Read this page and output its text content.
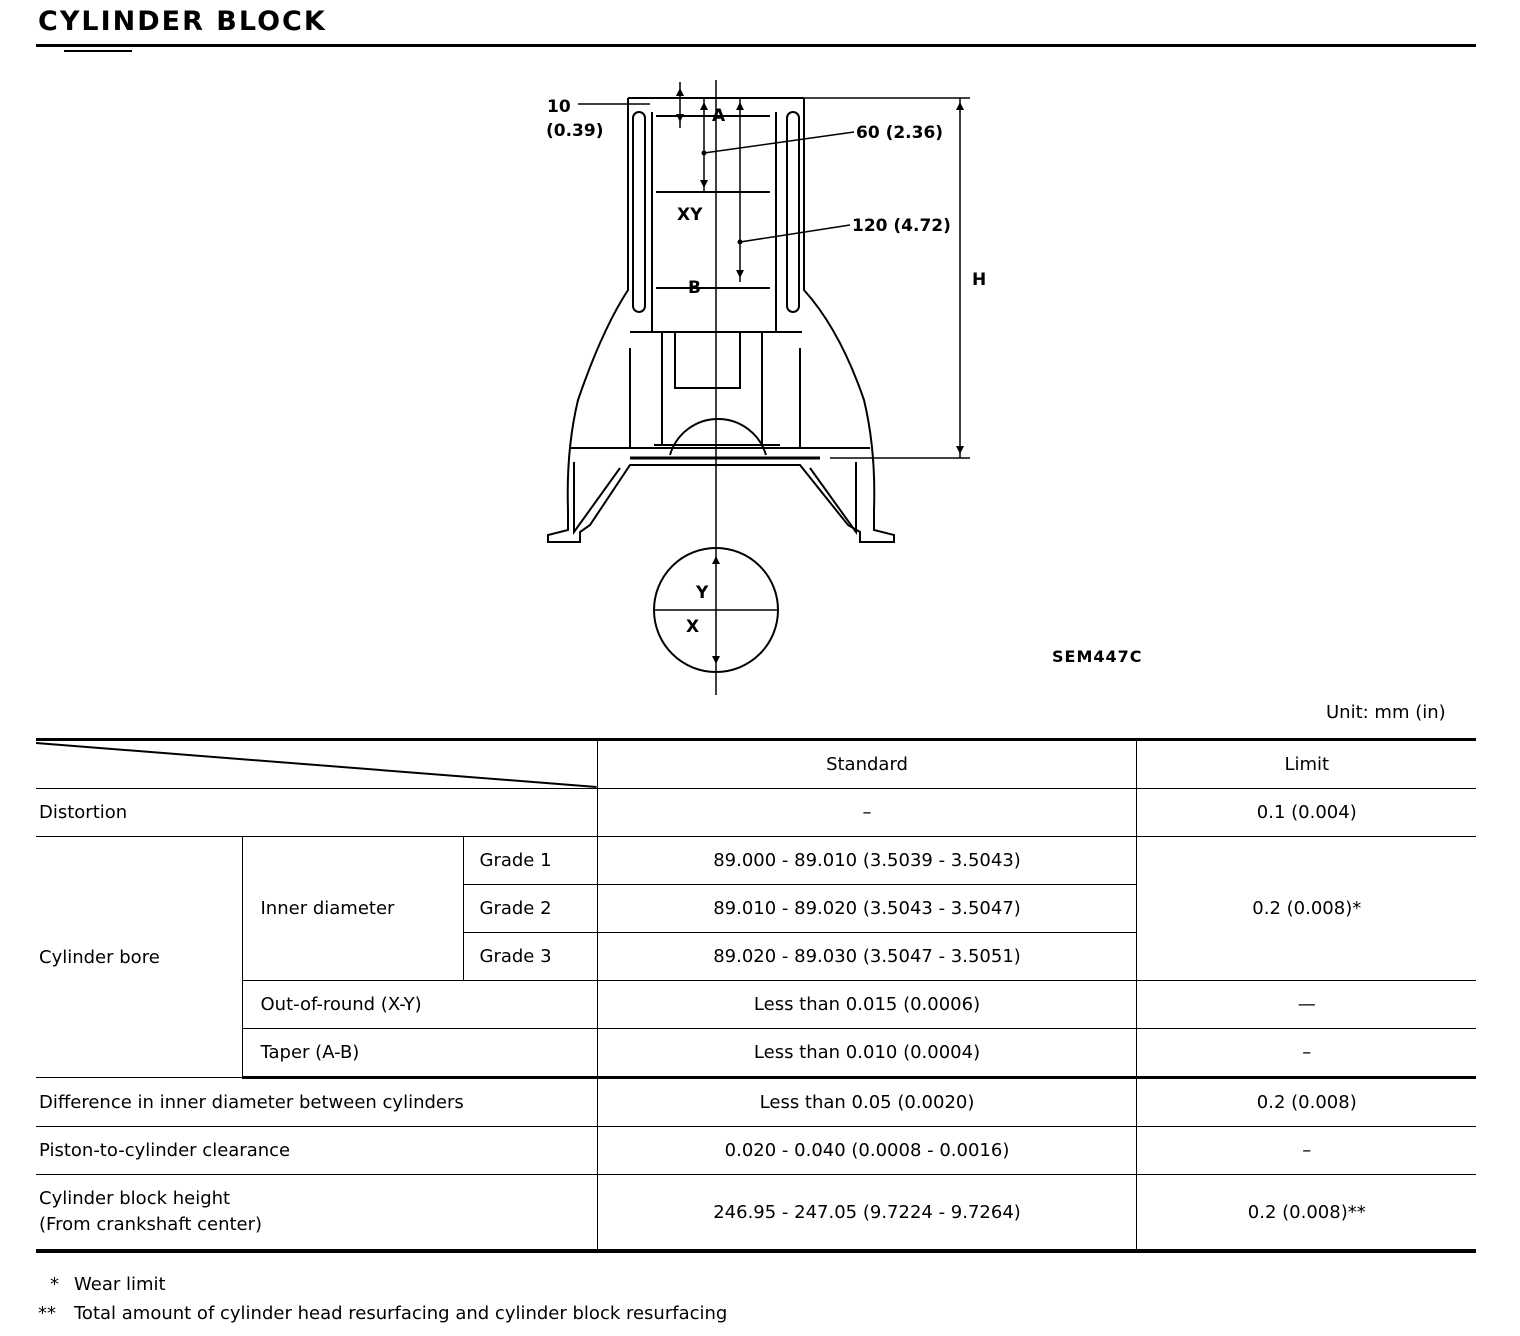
CYLINDER BLOCK
10
(0.39)
A
60 (2.36)
XY
120 (4.72)
H
B
Y
X
SEM447C
Unit: mm (in)
	Standard	Limit
Distortion			–	0.1 (0.004)
Cylinder bore	Inner diameter	Grade 1	89.000 - 89.010 (3.5039 - 3.5043)	0.2 (0.008)*
		Grade 2	89.010 - 89.020 (3.5043 - 3.5047)	
		Grade 3	89.020 - 89.030 (3.5047 - 3.5051)	
	Out-of-round (X-Y)		Less than 0.015 (0.0006)	—
	Taper (A-B)		Less than 0.010 (0.0004)	–
Difference in inner diameter between cylinders			Less than 0.05 (0.0020)	0.2 (0.008)
Piston-to-cylinder clearance			0.020 - 0.040 (0.0008 - 0.0016)	–

Cylinder block height
(From crankshaft center)			246.95 - 247.05 (9.7224 - 9.7264)	0.2 (0.008)**
* Wear limit
** Total amount of cylinder head resurfacing and cylinder block resurfacing
